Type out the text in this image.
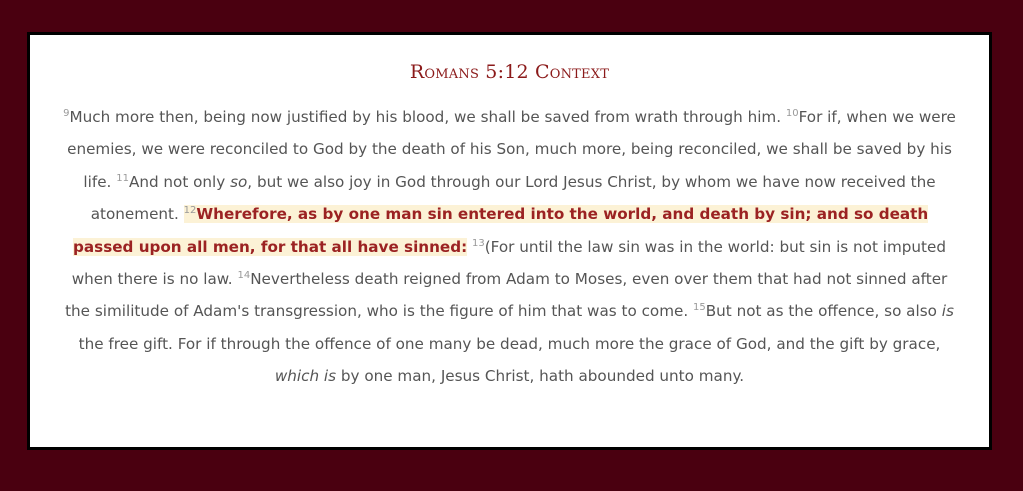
Romans 5:12 Context
$^9$Much more then, being now justified by his blood, we shall be saved from wrath through him. $^{10}$For if, when we were enemies, we were reconciled to God by the death of his Son, much more, being reconciled, we shall be saved by his life. $^{11}$And not only so, but we also joy in God through our Lord Jesus Christ, by whom we have now received the atonement. $^{12}$Wherefore, as by one man sin entered into the world, and death by sin; and so death passed upon all men, for that all have sinned: $^{13}$(For until the law sin was in the world: but sin is not imputed when there is no law. $^{14}$Nevertheless death reigned from Adam to Moses, even over them that had not sinned after the similitude of Adam's transgression, who is the figure of him that was to come. $^{15}$But not as the offence, so also is the free gift. For if through the offence of one many be dead, much more the grace of God, and the gift by grace, which is by one man, Jesus Christ, hath abounded unto many.
